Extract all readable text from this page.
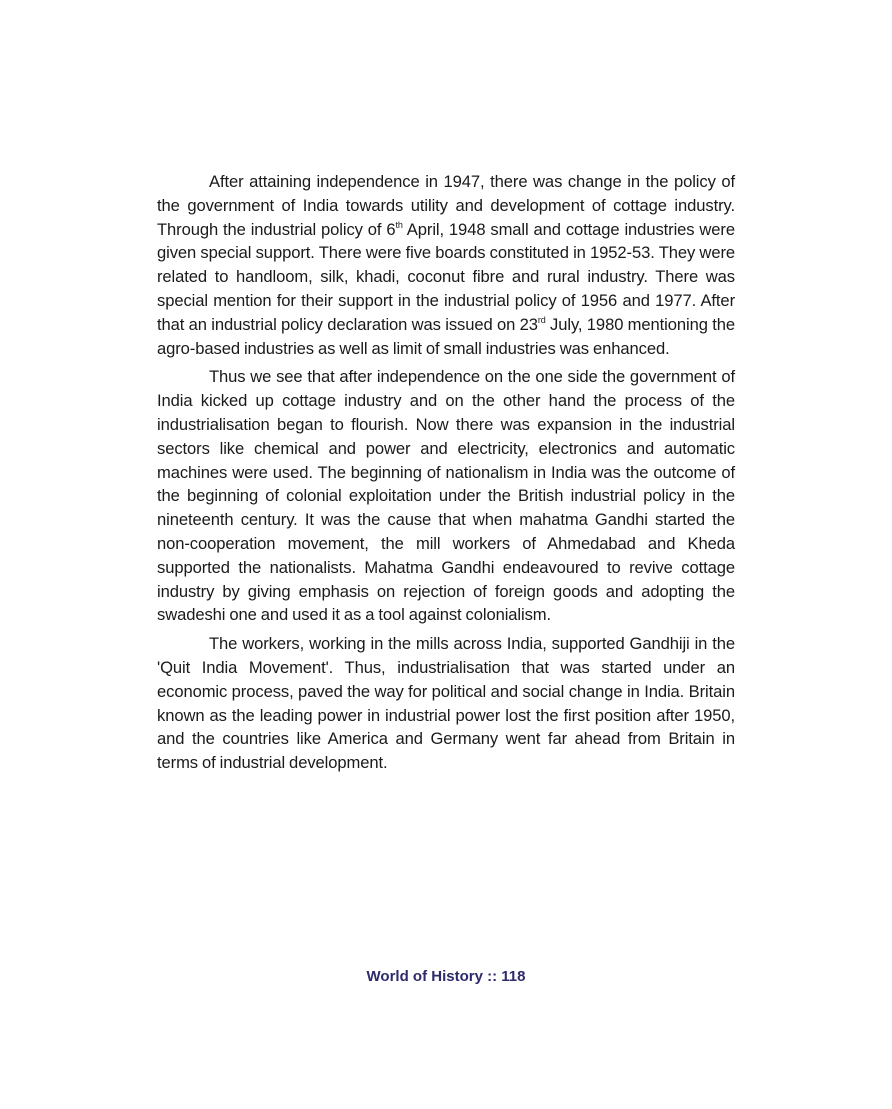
After attaining independence in 1947, there was change in the policy of the government of India towards utility and development of cottage industry. Through the industrial policy of 6th April, 1948 small and cottage industries were given special support. There were five boards constituted in 1952-53. They were related to handloom, silk, khadi, coconut fibre and rural industry. There was special mention for their support in the industrial policy of 1956 and 1977. After that an industrial policy declaration was issued on 23rd July, 1980 mentioning the agro-based industries as well as limit of small industries was enhanced.

Thus we see that after independence on the one side the government of India kicked up cottage industry and on the other hand the process of the industrialisation began to flourish. Now there was expansion in the industrial sectors like chemical and power and electricity, electronics and automatic machines were used. The beginning of nationalism in India was the outcome of the beginning of colonial exploitation under the British industrial policy in the nineteenth century. It was the cause that when mahatma Gandhi started the non-cooperation movement, the mill workers of Ahmedabad and Kheda supported the nationalists. Mahatma Gandhi endeavoured to revive cottage industry by giving emphasis on rejection of foreign goods and adopting the swadeshi one and used it as a tool against colonialism.

The workers, working in the mills across India, supported Gandhiji in the 'Quit India Movement'. Thus, industrialisation that was started under an economic process, paved the way for political and social change in India. Britain known as the leading power in industrial power lost the first position after 1950, and the countries like America and Germany went far ahead from Britain in terms of industrial development.

World of History :: 118
